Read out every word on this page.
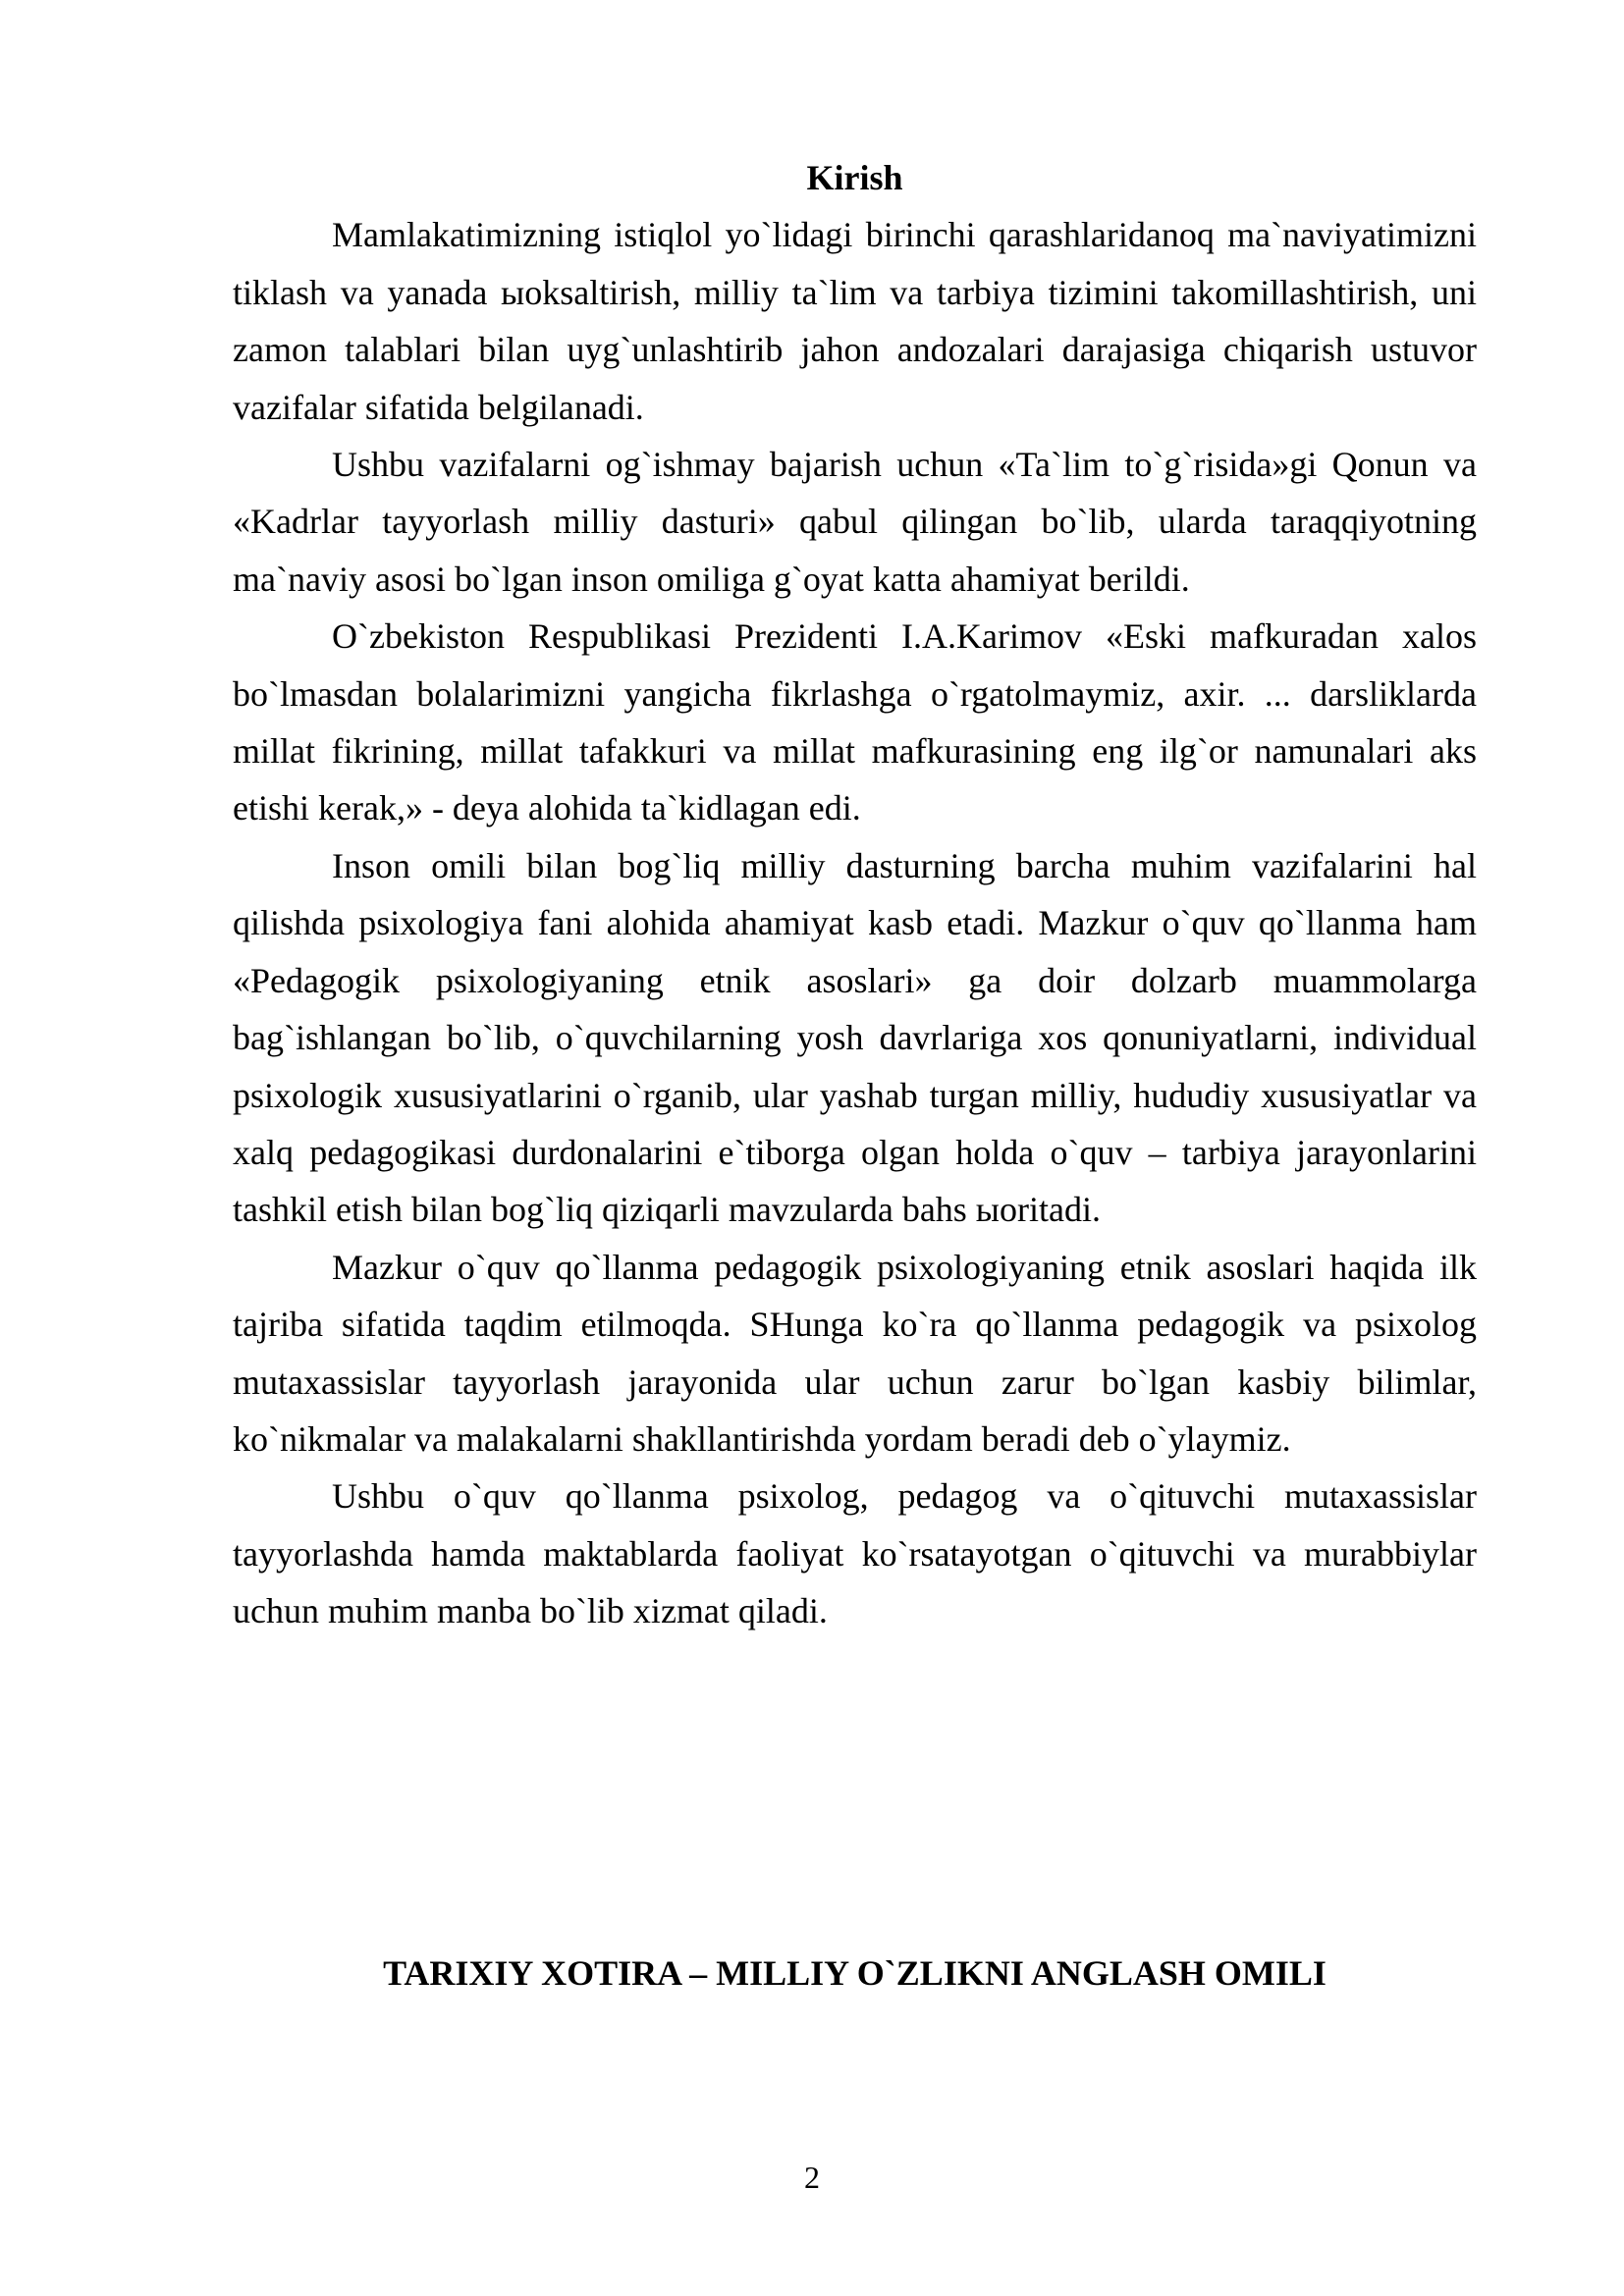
Kirish

Mamlakatimizning istiqlol yo`lidagi birinchi qarashlaridanoq ma`naviyatimizni tiklash va yanada ыoksaltirish, milliy ta`lim va tarbiya tizimini takomillashtirish, uni zamon talablari bilan uyg`unlashtirib jahon andozalari darajasiga chiqarish ustuvor vazifalar sifatida belgilanadi.

Ushbu vazifalarni og`ishmay bajarish uchun «Ta`lim to`g`risida»gi Qonun va «Kadrlar tayyorlash milliy dasturi» qabul qilingan bo`lib, ularda taraqqiyotning ma`naviy asosi bo`lgan inson omiliga g`oyat katta ahamiyat berildi.

O`zbekiston Respublikasi Prezidenti I.A.Karimov «Eski mafkuradan xalos bo`lmasdan bolalarimizni yangicha fikrlashga o`rgatolmaymiz, axir. ... darsliklarda millat fikrining, millat tafakkuri va millat mafkurasining eng ilg`or namunalari aks etishi kerak,» - deya alohida ta`kidlagan edi.

Inson omili bilan bog`liq milliy dasturning barcha muhim vazifalarini hal qilishda psixologiya fani alohida ahamiyat kasb etadi. Mazkur o`quv qo`llanma ham «Pedagogik psixologiyaning etnik asoslari» ga doir dolzarb muammolarga bag`ishlangan bo`lib, o`quvchilarning yosh davrlariga xos qonuniyatlarni, individual psixologik xususiyatlarini o`rganib, ular yashab turgan milliy, hududiy xususiyatlar va xalq pedagogikasi durdonalarini e`tiborga olgan holda o`quv – tarbiya jarayonlarini tashkil etish bilan bog`liq qiziqarli mavzularda bahs ыoritadi.

Mazkur o`quv qo`llanma pedagogik psixologiyaning etnik asoslari haqida ilk tajriba sifatida taqdim etilmoqda. SHunga ko`ra qo`llanma pedagogik va psixolog mutaxassislar tayyorlash jarayonida ular uchun zarur bo`lgan kasbiy bilimlar, ko`nikmalar va malakalarni shakllantirishda yordam beradi deb o`ylaymiz.

Ushbu o`quv qo`llanma psixolog, pedagog va o`qituvchi mutaxassislar tayyorlashda hamda maktablarda faoliyat ko`rsatayotgan o`qituvchi va murabbiylar uchun muhim manba bo`lib xizmat qiladi.

TARIXIY XOTIRA – MILLIY O`ZLIKNI ANGLASH OMILI

2
